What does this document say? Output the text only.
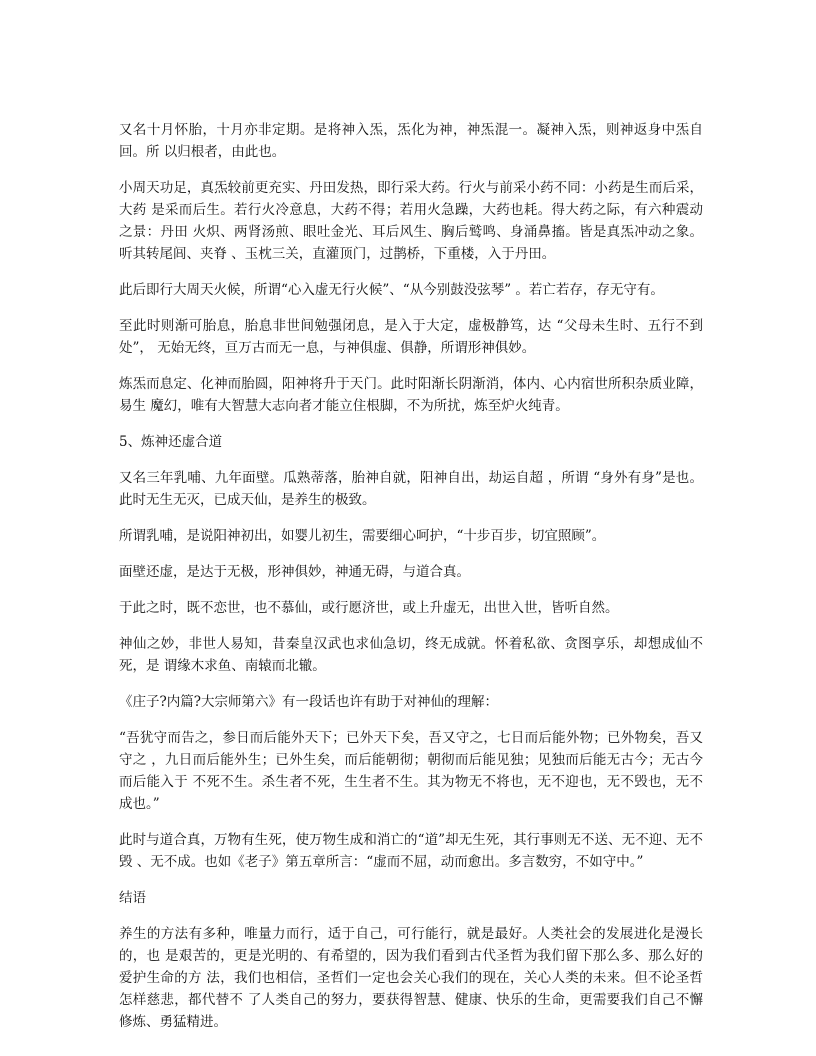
又名十月怀胎，十月亦非定期。是将神入炁，炁化为神，神炁混一。凝神入炁，则神返身中炁自回。所 以归根者，由此也。

小周天功足，真炁较前更充实、丹田发热，即行采大药。行火与前采小药不同：小药是生而后采，大药 是采而后生。若行火冷意息，大药不得；若用火急躁，大药也耗。得大药之际，有六种震动之景：丹田 火炽、两肾汤煎、眼吐金光、耳后风生、胸后鹫鸣、身涌鼻搐。皆是真炁冲动之象。听其转尾闾、夹脊 、玉枕三关，直灌顶门，过鹊桥，下重楼，入于丹田。

此后即行大周天火候，所谓“心入虚无行火候”、“从今别鼓没弦琴” 。若亡若存，存无守有。

至此时则渐可胎息，胎息非世间勉强闭息，是入于大定，虚极静笃，达 “父母未生时、五行不到处”， 无始无终，亘万古而无一息，与神俱虚、俱静，所谓形神俱妙。

炼炁而息定、化神而胎圆，阳神将升于天门。此时阳渐长阴渐消，体内、心内宿世所积杂质业障，易生 魔幻，唯有大智慧大志向者才能立住根脚，不为所扰，炼至炉火纯青。

5、炼神还虚合道

又名三年乳哺、九年面壁。瓜熟蒂落，胎神自就，阳神自出，劫运自超 ，所谓 “身外有身”是也。此时无生无灭，已成天仙，是养生的极致。

所谓乳哺，是说阳神初出，如婴儿初生，需要细心呵护，“十步百步，切宜照顾”。

面壁还虚，是达于无极，形神俱妙，神通无碍，与道合真。

于此之时，既不恋世，也不慕仙，或行愿济世，或上升虚无，出世入世，皆听自然。

神仙之妙，非世人易知，昔秦皇汉武也求仙急切，终无成就。怀着私欲、贪图享乐，却想成仙不死，是 谓缘木求鱼、南辕而北辙。

《庄子?内篇?大宗师第六》有一段话也许有助于对神仙的理解：

“吾犹守而告之，参日而后能外天下；已外天下矣，吾又守之，七日而后能外物；已外物矣，吾又守之 ，九日而后能外生；已外生矣，而后能朝彻；朝彻而后能见独；见独而后能无古今；无古今而后能入于 不死不生。杀生者不死，生生者不生。其为物无不将也，无不迎也，无不毁也，无不成也。”

此时与道合真，万物有生死，使万物生成和消亡的“道”却无生死，其行事则无不送、无不迎、无不毁 、无不成。也如《老子》第五章所言：“虚而不屈，动而愈出。多言数穷，不如守中。”

结语

养生的方法有多种，唯量力而行，适于自己，可行能行，就是最好。人类社会的发展进化是漫长的，也 是艰苦的，更是光明的、有希望的，因为我们看到古代圣哲为我们留下那么多、那么好的爱护生命的方 法，我们也相信，圣哲们一定也会关心我们的现在，关心人类的未来。但不论圣哲怎样慈悲，都代替不 了人类自己的努力，要获得智慧、健康、快乐的生命，更需要我们自己不懈修炼、勇猛精进。
